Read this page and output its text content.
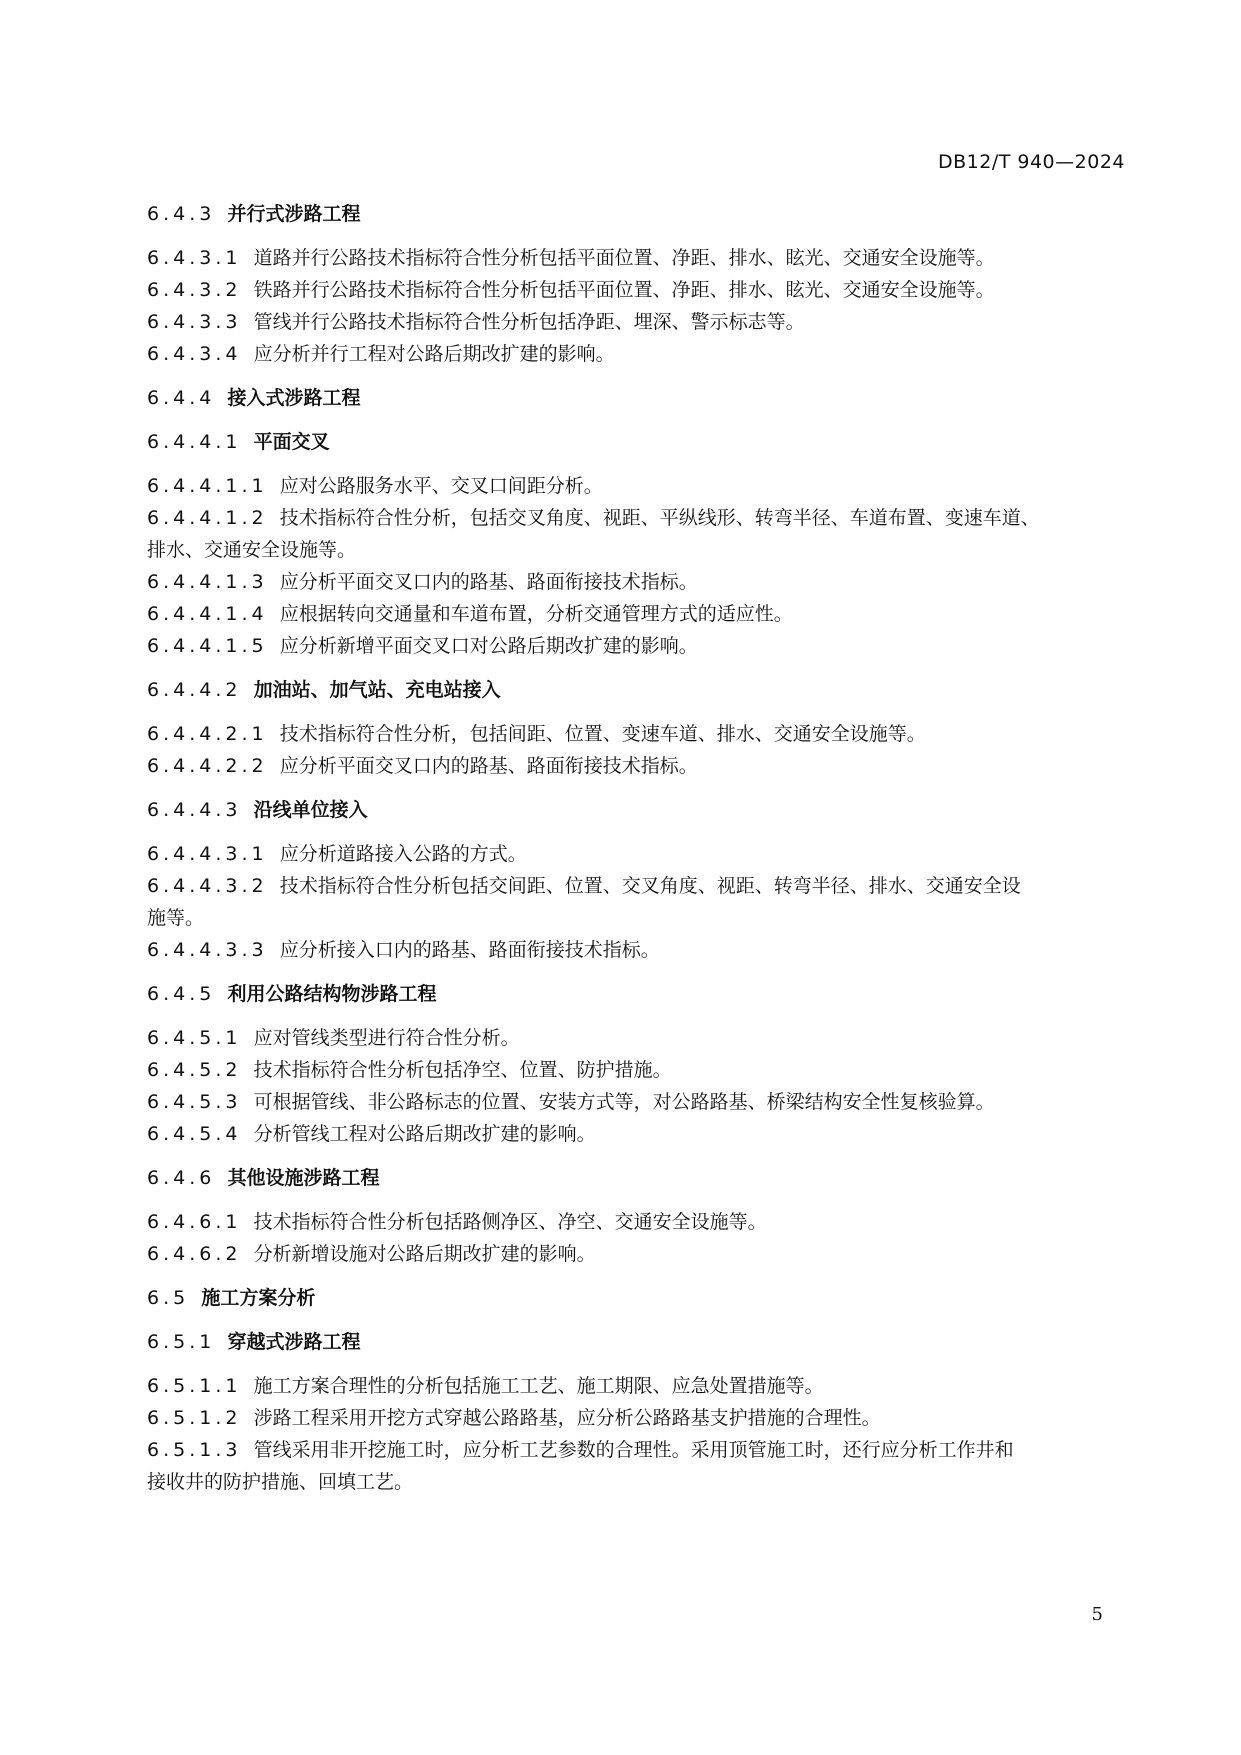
DB12/T 940—2024
6.4.3 并行式涉路工程
6.4.3.1 道路并行公路技术指标符合性分析包括平面位置、净距、排水、眩光、交通安全设施等。
6.4.3.2 铁路并行公路技术指标符合性分析包括平面位置、净距、排水、眩光、交通安全设施等。
6.4.3.3 管线并行公路技术指标符合性分析包括净距、埋深、警示标志等。
6.4.3.4 应分析并行工程对公路后期改扩建的影响。
6.4.4 接入式涉路工程
6.4.4.1 平面交叉
6.4.4.1.1 应对公路服务水平、交叉口间距分析。
6.4.4.1.2 技术指标符合性分析，包括交叉角度、视距、平纵线形、转弯半径、车道布置、变速车道、
排水、交通安全设施等。
6.4.4.1.3 应分析平面交叉口内的路基、路面衔接技术指标。
6.4.4.1.4 应根据转向交通量和车道布置，分析交通管理方式的适应性。
6.4.4.1.5 应分析新增平面交叉口对公路后期改扩建的影响。
6.4.4.2 加油站、加气站、充电站接入
6.4.4.2.1 技术指标符合性分析，包括间距、位置、变速车道、排水、交通安全设施等。
6.4.4.2.2 应分析平面交叉口内的路基、路面衔接技术指标。
6.4.4.3 沿线单位接入
6.4.4.3.1 应分析道路接入公路的方式。
6.4.4.3.2 技术指标符合性分析包括交间距、位置、交叉角度、视距、转弯半径、排水、交通安全设
施等。
6.4.4.3.3 应分析接入口内的路基、路面衔接技术指标。
6.4.5 利用公路结构物涉路工程
6.4.5.1 应对管线类型进行符合性分析。
6.4.5.2 技术指标符合性分析包括净空、位置、防护措施。
6.4.5.3 可根据管线、非公路标志的位置、安装方式等，对公路路基、桥梁结构安全性复核验算。
6.4.5.4 分析管线工程对公路后期改扩建的影响。
6.4.6 其他设施涉路工程
6.4.6.1 技术指标符合性分析包括路侧净区、净空、交通安全设施等。
6.4.6.2 分析新增设施对公路后期改扩建的影响。
6.5 施工方案分析
6.5.1 穿越式涉路工程
6.5.1.1 施工方案合理性的分析包括施工工艺、施工期限、应急处置措施等。
6.5.1.2 涉路工程采用开挖方式穿越公路路基，应分析公路路基支护措施的合理性。
6.5.1.3 管线采用非开挖施工时，应分析工艺参数的合理性。采用顶管施工时，还行应分析工作井和
接收井的防护措施、回填工艺。
5
